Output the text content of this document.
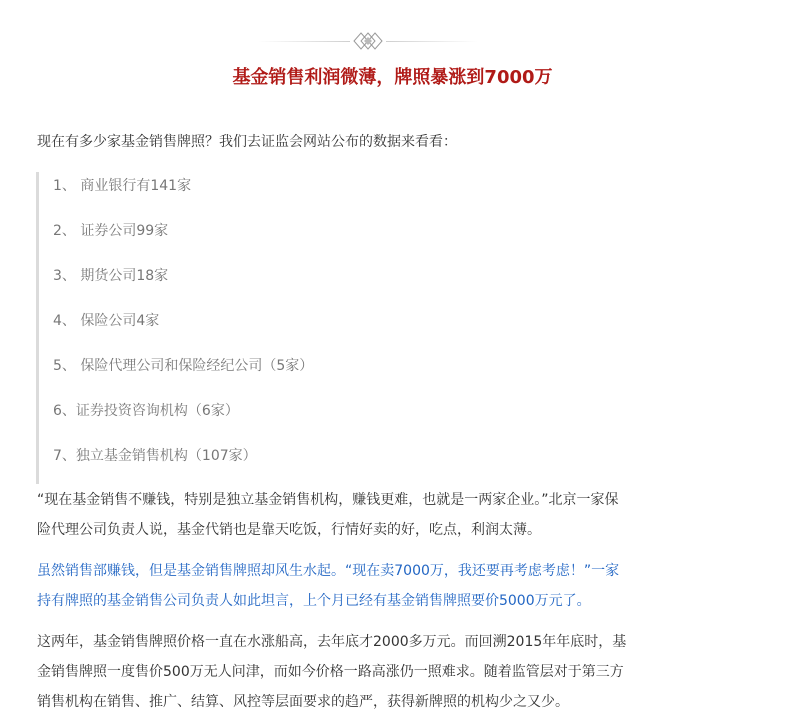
基金销售利润微薄，牌照暴涨到7000万

现在有多少家基金销售牌照？我们去证监会网站公布的数据来看看：

1、 商业银行有141家
2、 证券公司99家
3、 期货公司18家
4、 保险公司4家
5、 保险代理公司和保险经纪公司（5家）
6、证券投资咨询机构（6家）
7、独立基金销售机构（107家）
“现在基金销售不赚钱，特别是独立基金销售机构，赚钱更难，也就是一两家企业。”北京一家保
险代理公司负责人说，基金代销也是靠天吃饭，行情好卖的好，吃点，利润太薄。
虽然销售部赚钱，但是基金销售牌照却风生水起。“现在卖7000万，我还要再考虑考虑！”一家
持有牌照的基金销售公司负责人如此坦言，上个月已经有基金销售牌照要价5000万元了。
这两年，基金销售牌照价格一直在水涨船高，去年底才2000多万元。而回溯2015年年底时，基
金销售牌照一度售价500万无人问津，而如今价格一路高涨仍一照难求。随着监管层对于第三方
销售机构在销售、推广、结算、风控等层面要求的趋严，获得新牌照的机构少之又少。
